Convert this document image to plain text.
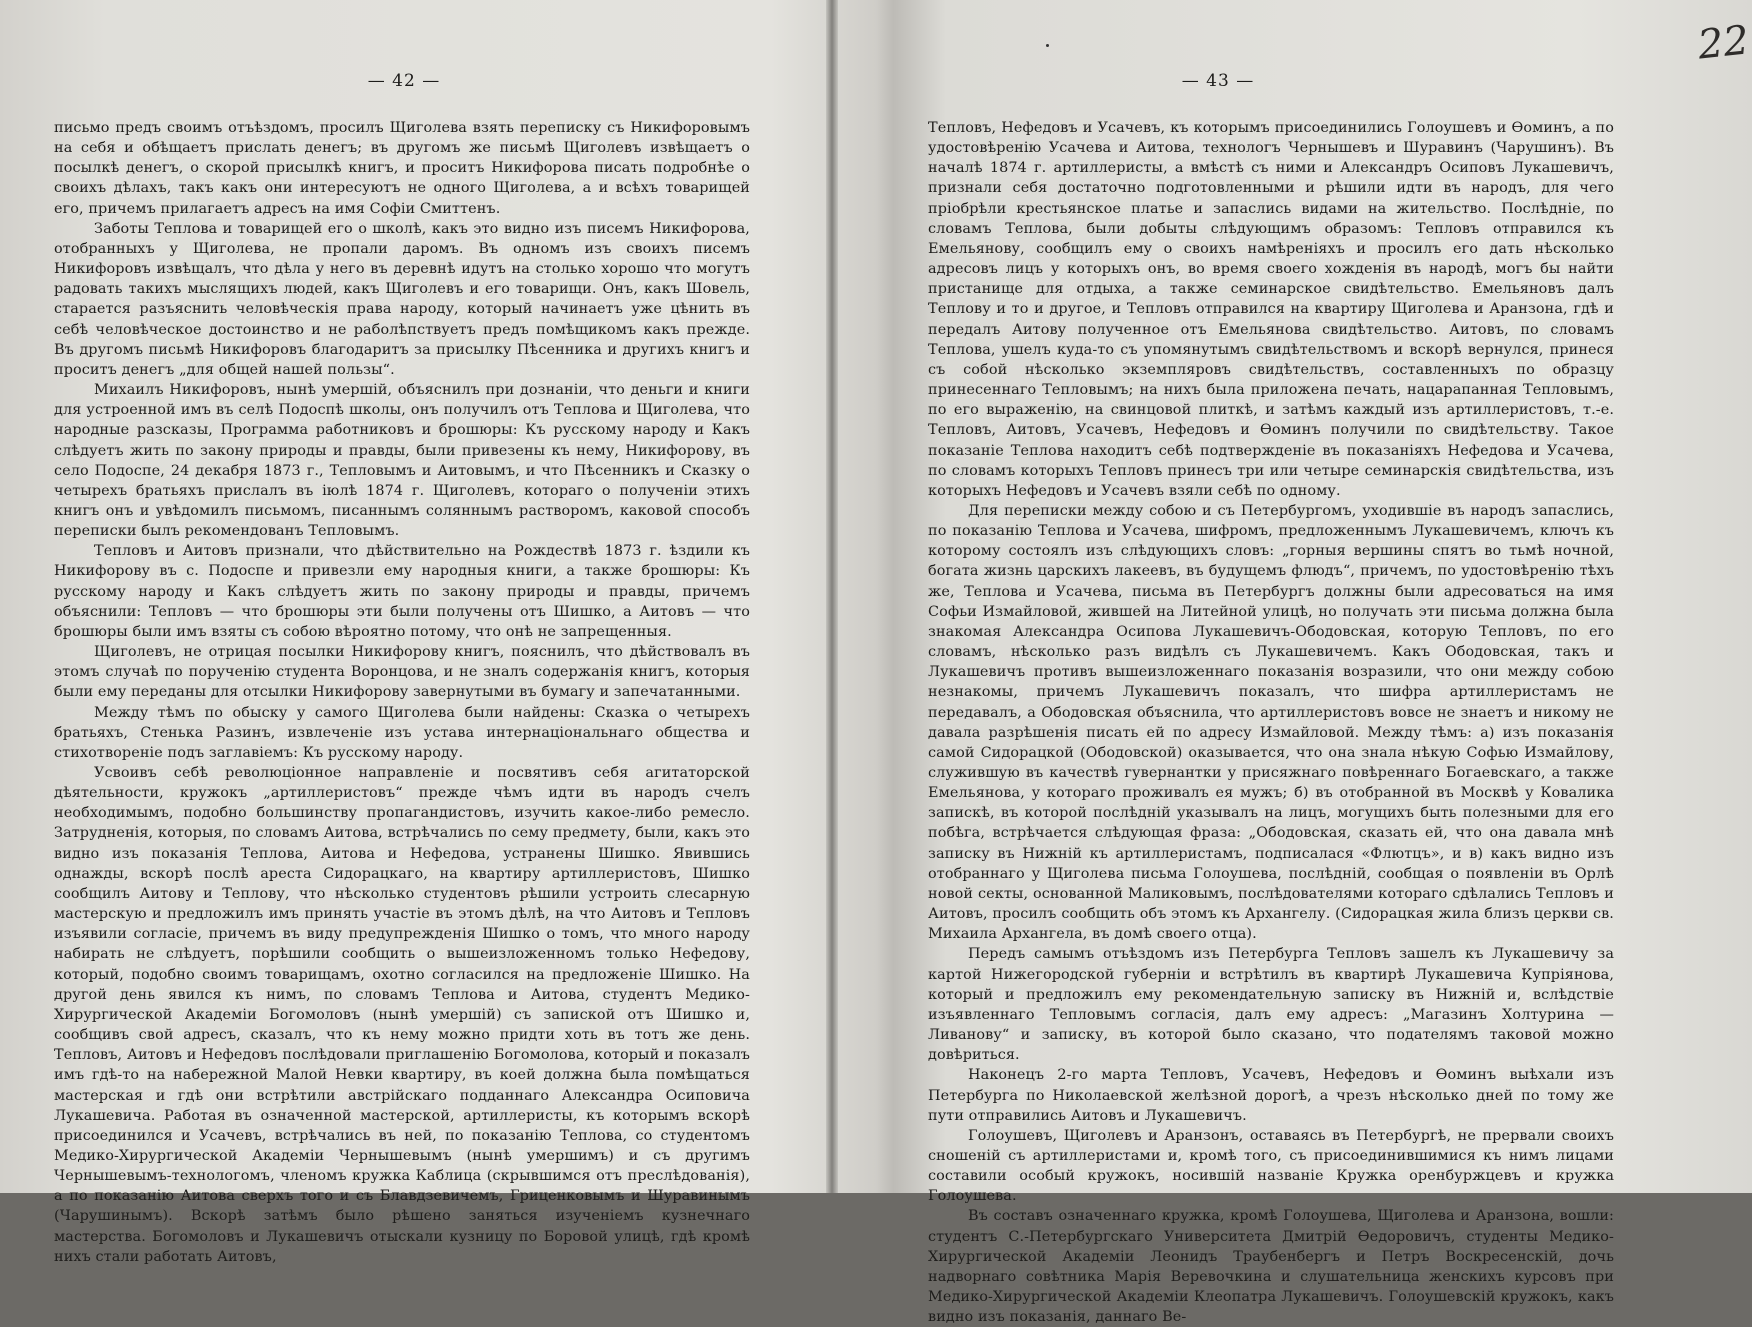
22
— 42 —

письмо предъ своимъ отъѣздомъ, просилъ Щиголева взять переписку съ Никифоровымъ на себя и обѣщаетъ прислать денегъ; въ другомъ же письмѣ Щиголевъ извѣщаетъ о посылкѣ денегъ, о скорой присылкѣ книгъ, и проситъ Никифорова писать подробнѣе о своихъ дѣлахъ, такъ какъ они интересуютъ не одного Щиголева, а и всѣхъ товарищей его, причемъ прилагаетъ адресъ на имя Софiи Смиттенъ.

Заботы Теплова и товарищей его о школѣ, какъ это видно изъ писемъ Никифорова, отобранныхъ у Щиголева, не пропали даромъ. Въ одномъ изъ своихъ писемъ Никифоровъ извѣщалъ, что дѣла у него въ деревнѣ идутъ на столько хорошо что могутъ радовать такихъ мыслящихъ людей, какъ Щиголевъ и его товарищи. Онъ, какъ Шовель, старается разъяснить человѣческiя права народу, который начинаетъ уже цѣнить въ себѣ человѣческое достоинство и не раболѣпствуетъ предъ помѣщикомъ какъ прежде. Въ другомъ письмѣ Никифоровъ благодаритъ за присылку Пѣсенника и другихъ книгъ и проситъ денегъ „для общей нашей пользы“.

Михаилъ Никифоровъ, нынѣ умершiй, объяснилъ при дознанiи, что деньги и книги для устроенной имъ въ селѣ Подоспѣ школы, онъ получилъ отъ Теплова и Щиголева, что народные разсказы, Программа работниковъ и брошюры: Къ русскому народу и Какъ слѣдуетъ жить по закону природы и правды, были привезены къ нему, Никифорову, въ село Подоспе, 24 декабря 1873 г., Тепловымъ и Аитовымъ, и что Пѣсенникъ и Сказку о четырехъ братьяхъ прислалъ въ iюлѣ 1874 г. Щиголевъ, котораго о полученiи этихъ книгъ онъ и увѣдомилъ письмомъ, писаннымъ соляннымъ растворомъ, каковой способъ переписки былъ рекомендованъ Тепловымъ.

Тепловъ и Аитовъ признали, что дѣйствительно на Рождествѣ 1873 г. ѣздили къ Никифорову въ с. Подоспе и привезли ему народныя книги, а также брошюры: Къ русскому народу и Какъ слѣдуетъ жить по закону природы и правды, причемъ объяснили: Тепловъ — что брошюры эти были получены отъ Шишко, а Аитовъ — что брошюры были имъ взяты съ собою вѣроятно потому, что онѣ не запрещенныя.

Щиголевъ, не отрицая посылки Никифорову книгъ, пояснилъ, что дѣйствовалъ въ этомъ случаѣ по порученiю студента Воронцова, и не зналъ содержанiя книгъ, которыя были ему переданы для отсылки Никифорову завернутыми въ бумагу и запечатанными.

Между тѣмъ по обыску у самого Щиголева были найдены: Сказка о четырехъ братьяхъ, Стенька Разинъ, извлеченiе изъ устава интернацiональнаго общества и стихотворенiе подъ заглавiемъ: Къ русскому народу.

Усвоивъ себѣ революцiонное направленiе и посвятивъ себя агитаторской дѣятельности, кружокъ „артиллеристовъ“ прежде чѣмъ идти въ народъ счелъ необходимымъ, подобно большинству пропагандистовъ, изучить какое-либо ремесло. Затрудненiя, которыя, по словамъ Аитова, встрѣчались по сему предмету, были, какъ это видно изъ показанiя Теплова, Аитова и Нефедова, устранены Шишко. Явившись однажды, вскорѣ послѣ ареста Сидорацкаго, на квартиру артиллеристовъ, Шишко сообщилъ Аитову и Теплову, что нѣсколько студентовъ рѣшили устроить слесарную мастерскую и предложилъ имъ принять участiе въ этомъ дѣлѣ, на что Аитовъ и Тепловъ изъявили согласiе, причемъ въ виду предупрежденiя Шишко о томъ, что много народу набирать не слѣдуетъ, порѣшили сообщить о вышеизложенномъ только Нефедову, который, подобно своимъ товарищамъ, охотно согласился на предложенiе Шишко. На другой день явился къ нимъ, по словамъ Теплова и Аитова, студентъ Медико-Хирургической Академiи Богомоловъ (нынѣ умершiй) съ запиской отъ Шишко и, сообщивъ свой адресъ, сказалъ, что къ нему можно придти хоть въ тотъ же день. Тепловъ, Аитовъ и Нефедовъ послѣдовали приглашенiю Богомолова, который и показалъ имъ гдѣ-то на набережной Малой Невки квартиру, въ коей должна была помѣщаться мастерская и гдѣ они встрѣтили австрiйскаго подданнаго Александра Осиповича Лукашевича. Работая въ означенной мастерской, артиллеристы, къ которымъ вскорѣ присоединился и Усачевъ, встрѣчались въ ней, по показанiю Теплова, со студентомъ Медико-Хирургической Академiи Чернышевымъ (нынѣ умершимъ) и съ другимъ Чернышевымъ-технологомъ, членомъ кружка Каблица (скрывшимся отъ преслѣдованiя), а по показанiю Аитова сверхъ того и съ Блавдзевичемъ, Гриценковымъ и Шуравинымъ (Чарушинымъ). Вскорѣ затѣмъ было рѣшено заняться изученiемъ кузнечнаго мастерства. Богомоловъ и Лукашевичъ отыскали кузницу по Боровой улицѣ, гдѣ кромѣ нихъ стали работать Аитовъ,

— 43 —

Тепловъ, Нефедовъ и Усачевъ, къ которымъ присоединились Голоушевъ и Ѳоминъ, а по удостовѣренiю Усачева и Аитова, технологъ Чернышевъ и Шуравинъ (Чарушинъ). Въ началѣ 1874 г. артиллеристы, а вмѣстѣ съ ними и Александръ Осиповъ Лукашевичъ, признали себя достаточно подготовленными и рѣшили идти въ народъ, для чего прiобрѣли крестьянское платье и запаслись видами на жительство. Послѣднiе, по словамъ Теплова, были добыты слѣдующимъ образомъ: Тепловъ отправился къ Емельянову, сообщилъ ему о своихъ намѣренiяхъ и просилъ его дать нѣсколько адресовъ лицъ у которыхъ онъ, во время своего хожденiя въ народѣ, могъ бы найти пристанище для отдыха, а также семинарское свидѣтельство. Емельяновъ далъ Теплову и то и другое, и Тепловъ отправился на квартиру Щиголева и Аранзона, гдѣ и передалъ Аитову полученное отъ Емельянова свидѣтельство. Аитовъ, по словамъ Теплова, ушелъ куда-то съ упомянутымъ свидѣтельствомъ и вскорѣ вернулся, принеся съ собой нѣсколько экземпляровъ свидѣтельствъ, составленныхъ по образцу принесеннаго Тепловымъ; на нихъ была приложена печать, нацарапанная Тепловымъ, по его выраженiю, на свинцовой плиткѣ, и затѣмъ каждый изъ артиллеристовъ, т.-е. Тепловъ, Аитовъ, Усачевъ, Нефедовъ и Ѳоминъ получили по свидѣтельству. Такое показанiе Теплова находитъ себѣ подтвержденiе въ показанiяхъ Нефедова и Усачева, по словамъ которыхъ Тепловъ принесъ три или четыре семинарскiя свидѣтельства, изъ которыхъ Нефедовъ и Усачевъ взяли себѣ по одному.

Для переписки между собою и съ Петербургомъ, уходившiе въ народъ запаслись, по показанiю Теплова и Усачева, шифромъ, предложеннымъ Лукашевичемъ, ключъ къ которому состоялъ изъ слѣдующихъ словъ: „горныя вершины спятъ во тьмѣ ночной, богата жизнь царскихъ лакеевъ, въ будущемъ флюдъ“, причемъ, по удостовѣренiю тѣхъ же, Теплова и Усачева, письма въ Петербургъ должны были адресоваться на имя Софьи Измайловой, жившей на Литейной улицѣ, но получать эти письма должна была знакомая Александра Осипова Лукашевичъ-Ободовская, которую Тепловъ, по его словамъ, нѣсколько разъ видѣлъ съ Лукашевичемъ. Какъ Ободовская, такъ и Лукашевичъ противъ вышеизложеннаго показанiя возразили, что они между собою незнакомы, причемъ Лукашевичъ показалъ, что шифра артиллеристамъ не передавалъ, а Ободовская объяснила, что артиллеристовъ вовсе не знаетъ и никому не давала разрѣшенiя писать ей по адресу Измайловой. Между тѣмъ: а) изъ показанiя самой Сидорацкой (Ободовской) оказывается, что она знала нѣкую Софью Измайлову, служившую въ качествѣ гувернантки у присяжнаго повѣреннаго Богаевскаго, а также Емельянова, у котораго проживалъ ея мужъ; б) въ отобранной въ Москвѣ у Ковалика запискѣ, въ которой послѣднiй указывалъ на лицъ, могущихъ быть полезными для его побѣга, встрѣчается слѣдующая фраза: „Ободовская, сказать ей, что она давала мнѣ записку въ Нижнiй къ артиллеристамъ, подписалася «Флютцъ», и в) какъ видно изъ отобраннаго у Щиголева письма Голоушева, послѣднiй, сообщая о появленiи въ Орлѣ новой секты, основанной Маликовымъ, послѣдователями котораго сдѣлались Тепловъ и Аитовъ, просилъ сообщить объ этомъ къ Архангелу. (Сидорацкая жила близъ церкви св. Михаила Архангела, въ домѣ своего отца).

Передъ самымъ отъѣздомъ изъ Петербурга Тепловъ зашелъ къ Лукашевичу за картой Нижегородской губернiи и встрѣтилъ въ квартирѣ Лукашевича Купрiянова, который и предложилъ ему рекомендательную записку въ Нижнiй и, вслѣдствiе изъявленнаго Тепловымъ согласiя, далъ ему адресъ: „Магазинъ Холтурина — Ливанову“ и записку, въ которой было сказано, что подателямъ таковой можно довѣриться.

Наконецъ 2-го марта Тепловъ, Усачевъ, Нефедовъ и Ѳоминъ выѣхали изъ Петербурга по Николаевской желѣзной дорогѣ, а чрезъ нѣсколько дней по тому же пути отправились Аитовъ и Лукашевичъ.

Голоушевъ, Щиголевъ и Аранзонъ, оставаясь въ Петербургѣ, не прервали своихъ сношенiй съ артиллеристами и, кромѣ того, съ присоединившимися къ нимъ лицами составили особый кружокъ, носившiй названiе Кружка оренбуржцевъ и кружка Голоушева.

Въ составъ означеннаго кружка, кромѣ Голоушева, Щиголева и Аранзона, вошли: студентъ С.-Петербургскаго Университета Дмитрiй Ѳедоровичъ, студенты Медико-Хирургической Академiи Леонидъ Траубенбергъ и Петръ Воскресенскiй, дочь надворнаго совѣтника Марiя Веревочкина и слушательница женскихъ курсовъ при Медико-Хирургической Академiи Клеопатра Лукашевичъ. Голоушевскiй кружокъ, какъ видно изъ показанiя, даннаго Ве-
